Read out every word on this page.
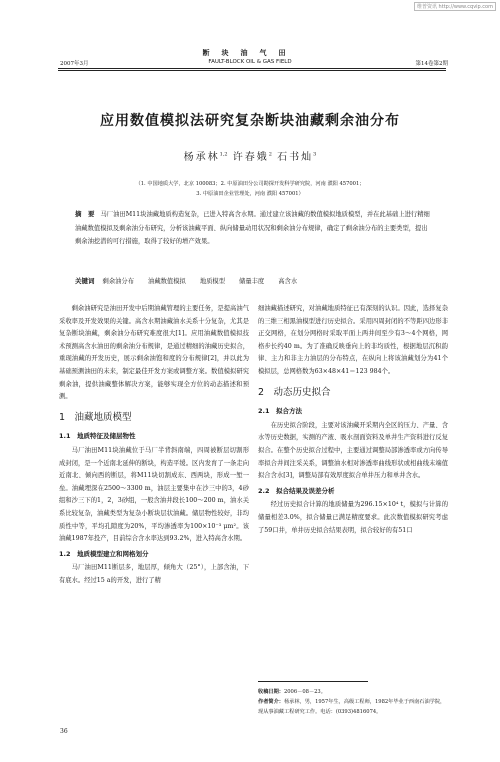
维普资讯 http://www.cqvip.com
断块油气田
2007年3月	FAULT-BLOCK OIL & GAS FIELD	第14卷第2期
应用数值模拟法研究复杂断块油藏剩余油分布
杨承林$^{1,2}$ 许春娥$^2$ 石书灿$^3$
（1. 中国地质大学，北京 100083；2. 中原油田分公司勘探开发科学研究院，河南 濮阳 457001；
3. 中原油田企业管理处，河南 濮阳 457001）
摘　要 马厂油田M11块油藏地质构造复杂，已进入特高含水期。通过建立该油藏的数值模拟地质模型，并在此基础上进行精细油藏数值模拟及剩余油分布研究，分析该油藏平面、纵向储量动用状况和剩余油分布规律，确定了剩余油分布的主要类型，提出剩余油挖潜的可行措施，取得了较好的增产效果。
关键词 剩余油分布 油藏数值模拟 地质模型 储量丰度 高含水

剩余油研究是油田开发中后期油藏管理的主要任务，是提高油气采收率及开发效果的关键。高含水期油藏油水关系十分复杂，尤其是复杂断块油藏，剩余油分布研究难度很大[1]。应用油藏数值模拟技术预测高含水油田的剩余油分布规律，是通过精细的油藏历史拟合，重现油藏的开发历史，展示剩余油饱和度的分布规律[2]，并以此为基础预测油田的未来，制定最佳开发方案或调整方案。数值模拟研究剩余油，提供油藏整体解决方案，能够实现全方位的动态描述和预测。

1　油藏地质模型
1.1　地质特征及储层物性

马厂油田M11块油藏位于马厂半背斜南端，四周被断层切割形成封闭，是一个近南北延伸的断块，构造平缓。区内发育了一条走向近南北、倾向西的断层，将M11块切割成东、西两块，形成一堑一垒。油藏埋深在2500～3300 m，油层主要集中在沙三中的3，4砂组和沙三下的1，2，3砂组，一般含油井段长100～200 m，油水关系比较复杂，油藏类型为复杂小断块层状油藏。储层物性较好，非均质性中等，平均孔隙度为20%，平均渗透率为100×10⁻³ μm²。该油藏1987年投产，目前综合含水率达到93.2%，进入特高含水期。

1.2　地质模型建立和网格划分

马厂油田M11断层多，地层厚，倾角大（25°），上部含油，下有底水。经过15 a的开发，进行了精

细油藏描述研究，对油藏地质特征已有深刻的认识。因此，选择复杂的三维三相黑油模型进行历史拟合。采用四周封闭的不等距四边形非正交网格，在划分网格时采取平面上两井间至少有3～4个网格，网格步长约40 m。为了准确反映垂向上的非均质性，根据地层沉积韵律、主力和非主力油层的分布特点，在纵向上将该油藏划分为41个模拟层，总网格数为63×48×41＝123 984个。

2　动态历史拟合
2.1　拟合方法

在历史拟合阶段，主要对该油藏开采期内全区的压力、产量、含水等历史数据，实测的产液、吸水剖面资料及单井生产资料进行反复拟合。在整个历史拟合过程中，主要通过调整局部渗透率或方向传导率拟合井间注采关系，调整油水相对渗透率曲线形状或相曲线末端值拟合含水[3]，调整局部有效厚度拟合单井压力和单井含水。

2.2　拟合结果及误差分析

经过历史拟合计算的地质储量为296.15×10⁴ t，模拟与计算的储量相差3.0%，拟合储量已满足精度要求。此次数值模拟研究考虑了59口井，单井历史拟合结果表明，拟合较好的有51口

收稿日期：2006－08－23。
作者简介：杨承林，男，1957年生，高级工程师，1982年毕业于西南石油学院，现从事油藏工程研究工作。电话：(0393)4816074。
36
